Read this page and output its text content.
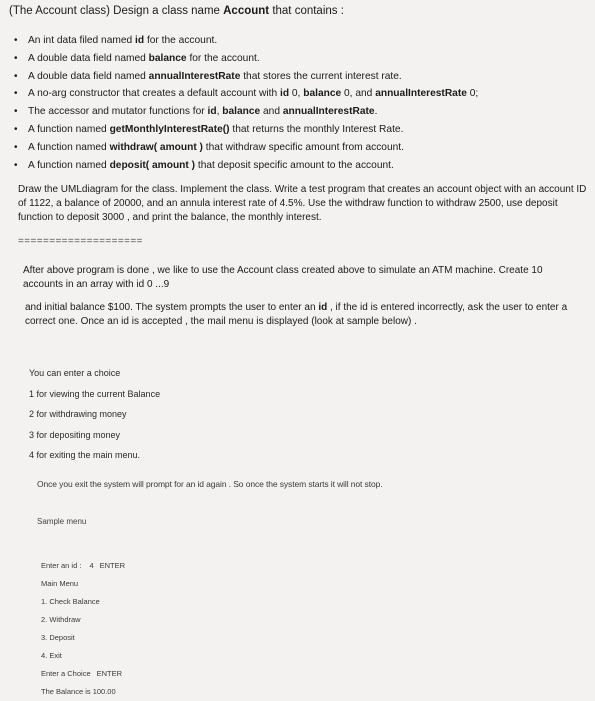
(The Account class) Design a class name Account that contains :
• An int data filed named id for the account.
• A double data field named balance for the account.
• A double data field named annualInterestRate that stores the current interest rate.
• A no-arg constructor that creates a default account with id 0, balance 0, and annualInterestRate 0;
• The accessor and mutator functions for id, balance and annualInterestRate.
• A function named getMonthlyInterestRate() that returns the monthly Interest Rate.
• A function named withdraw( amount ) that withdraw specific amount from account.
• A function named deposit( amount ) that deposit specific amount to the account.
Draw the UMLdiagram for the class. Implement the class. Write a test program that creates an account object with an account ID of 1122, a balance of 20000, and an annula interest rate of 4.5%. Use the withdraw function to withdraw 2500, use deposit function to deposit 3000 , and print the balance, the monthly interest.
====================
After above program is done , we like to use the Account class created above to simulate an ATM machine. Create 10 accounts in an array with id 0 ...9
and initial balance $100. The system prompts the user to enter an id , if the id is entered incorrectly, ask the user to enter a correct one. Once an id is accepted , the mail menu is displayed (look at sample below) .
You can enter a choice
1 for viewing the current Balance
2 for withdrawing money
3 for depositing money
4 for exiting the main menu.
Once you exit the system will prompt for an id again . So once the system starts it will not stop.
Sample menu
Enter an id : 4 ENTER
Main Menu
1. Check Balance
2. Withdraw
3. Deposit
4. Exit
Enter a Choice ENTER
The Balance is 100.00
